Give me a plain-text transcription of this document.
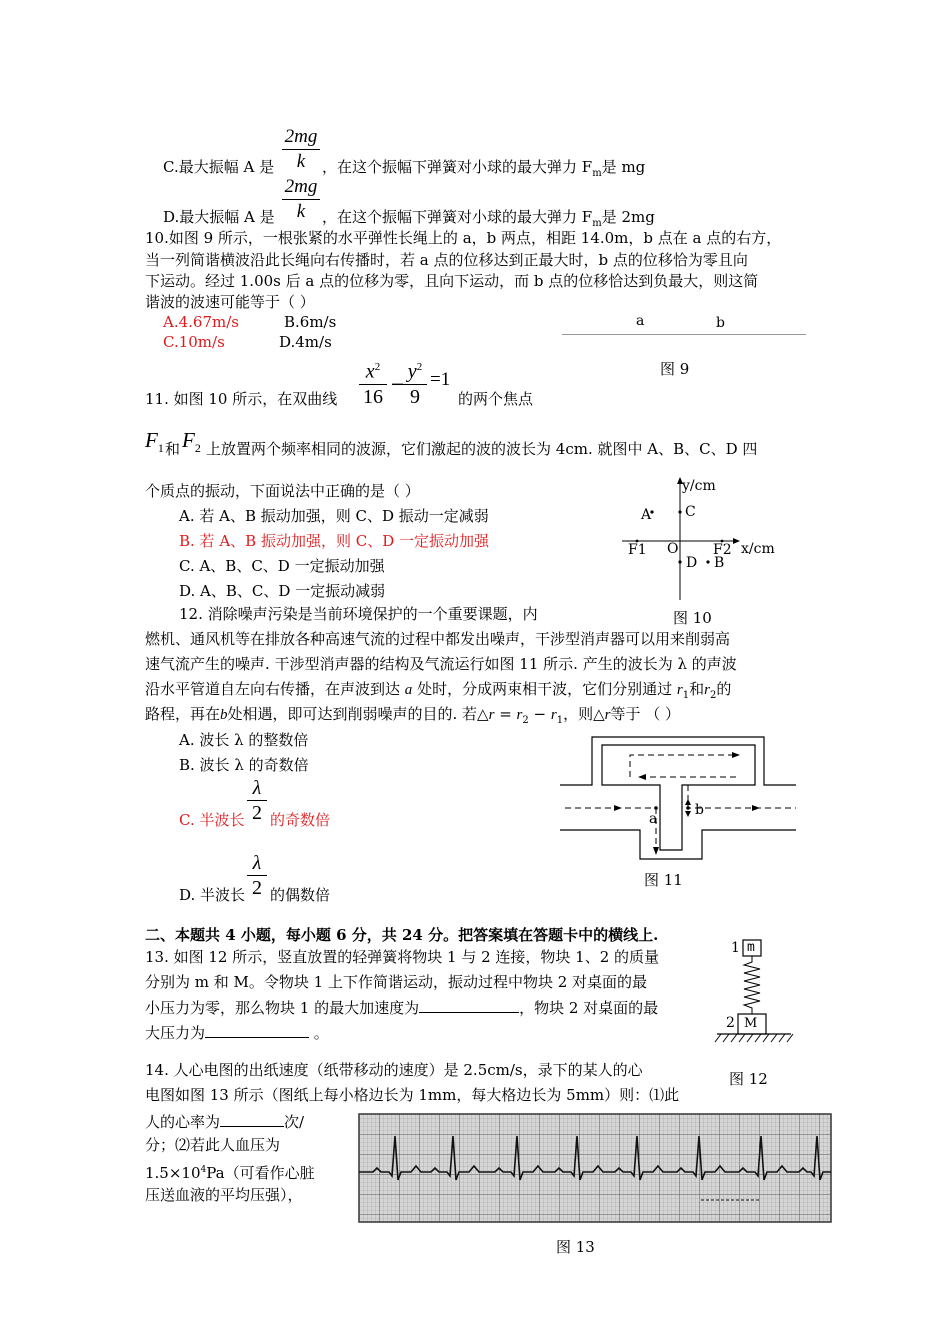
C.最大振幅 A 是
2mg
k	，在这个振幅下弹簧对小球的最大弹力 $F_m$是 mg
D.最大振幅 A 是
2mg
k	，在这个振幅下弹簧对小球的最大弹力 $F_m$是 2mg
10.如图 9 所示，一根张紧的水平弹性长绳上的 a，b 两点，相距 14.0m，b 点在 a 点的右方，
当一列简谐横波沿此长绳向右传播时，若 a 点的位移达到正最大时，b 点的位移恰为零且向
下运动。经过 1.00s 后 a 点的位移为零，且向下运动，而 b 点的位移恰达到负最大，则这简
谐波的波速可能等于（ ）
A.4.67m/s	B.6m/s
C.10m/s	D.4m/s
a	b
图 9
11. 如图 10 所示，在双曲线
$x^2$
16
−
$y^2$
9
=1
的两个焦点
$F_1$ 和 $F_2$ 上放置两个频率相同的波源，它们激起的波的波长为 4cm. 就图中 A、B、C、D 四
个质点的振动，下面说法中正确的是（ ）
A. 若 A、B 振动加强，则 C、D 振动一定减弱
B. 若 A、B 振动加强，则 C、D 一定振动加强
C. A、B、C、D 一定振动加强
D. A、B、C、D 一定振动减弱
y/cm
x/cm
A C
O
F1	F2
D B
图 10
12. 消除噪声污染是当前环境保护的一个重要课题，内
燃机、通风机等在排放各种高速气流的过程中都发出噪声，干涉型消声器可以用来削弱高
速气流产生的噪声. 干涉型消声器的结构及气流运行如图 11 所示. 产生的波长为 λ 的声波
沿水平管道自左向右传播，在声波到达 a 处时，分成两束相干波，它们分别通过 $r_1$和$r_2$的
路程，再在b处相遇，即可达到削弱噪声的目的. 若△r = $r_2 - r_1$，则△r等于 （ ）
A. 波长 λ 的整数倍
B. 波长 λ 的奇数倍
C. 半波长
λ
2 的奇数倍
D. 半波长
λ
2 的偶数倍
a
b
图 11
二、本题共 4 小题，每小题 6 分，共 24 分。把答案填在答题卡中的横线上.
13. 如图 12 所示，竖直放置的轻弹簧将物块 1 与 2 连接，物块 1、2 的质量
分别为 m 和 M。令物块 1 上下作简谐运动，振动过程中物块 2 对桌面的最
小压力为零，那么物块 1 的最大加速度为	，物块 2 对桌面的最
大压力为	。
1 m
2 M
图 12
14. 人心电图的出纸速度（纸带移动的速度）是 2.5cm/s，录下的某人的心
电图如图 13 所示（图纸上每小格边长为 1mm，每大格边长为 5mm）则：⑴此
人的心率为	次/
分；⑵若此人血压为
$1.5\times 10^4Pa$（可看作心脏
压送血液的平均压强），
图 13
